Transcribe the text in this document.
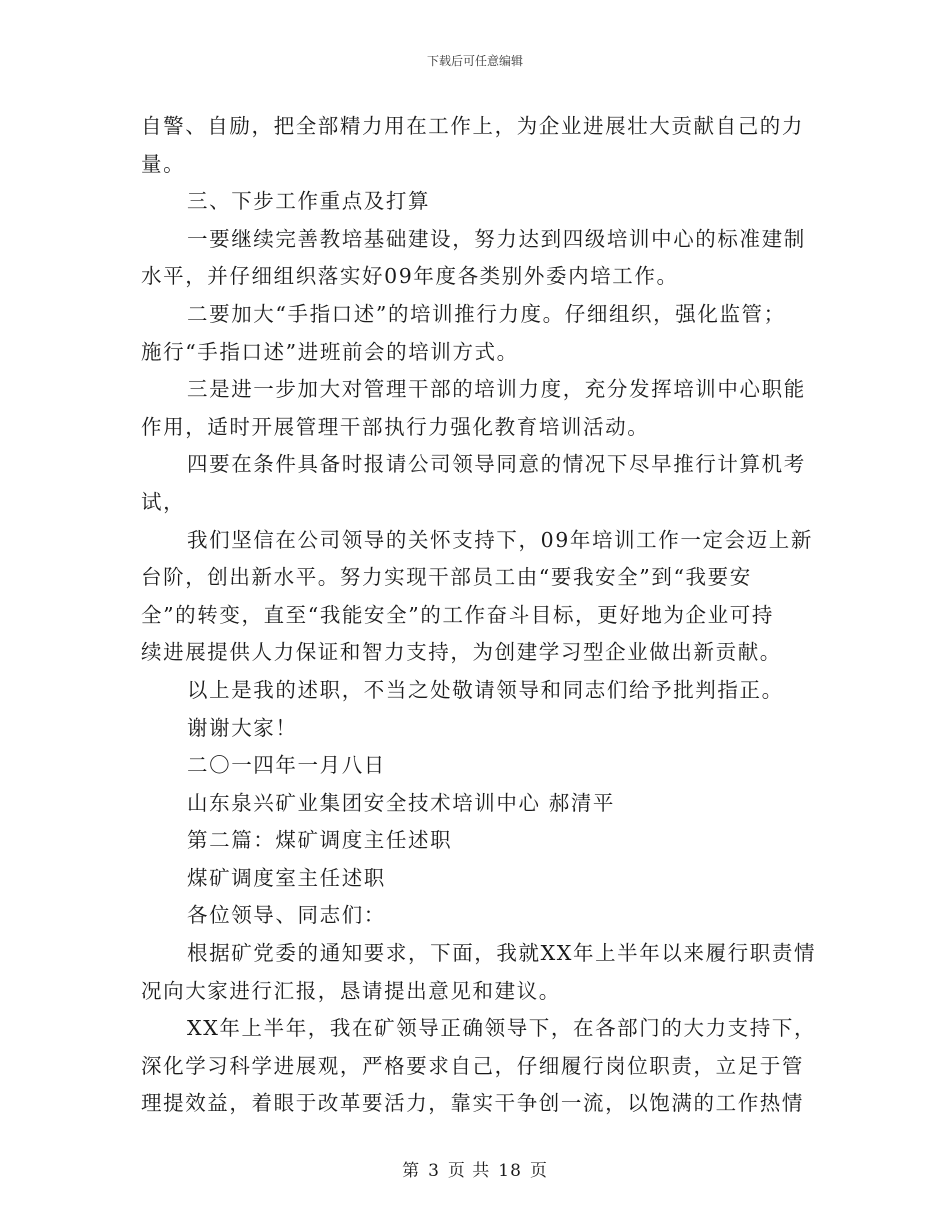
下载后可任意编辑

自警、自励，把全部精力用在工作上，为企业进展壮大贡献自己的力

量。

三、下步工作重点及打算

一要继续完善教培基础建设，努力达到四级培训中心的标准建制

水平，并仔细组织落实好09年度各类别外委内培工作。

二要加大“手指口述”的培训推行力度。仔细组织，强化监管；

施行“手指口述”进班前会的培训方式。

三是进一步加大对管理干部的培训力度，充分发挥培训中心职能

作用，适时开展管理干部执行力强化教育培训活动。

四要在条件具备时报请公司领导同意的情况下尽早推行计算机考

试，

我们坚信在公司领导的关怀支持下，09年培训工作一定会迈上新

台阶，创出新水平。努力实现干部员工由“要我安全”到“我要安

全”的转变，直至“我能安全”的工作奋斗目标，更好地为企业可持

续进展提供人力保证和智力支持，为创建学习型企业做出新贡献。

以上是我的述职，不当之处敬请领导和同志们给予批判指正。

谢谢大家！

二〇一四年一月八日

山东泉兴矿业集团安全技术培训中心 郝清平

第二篇：煤矿调度主任述职

煤矿调度室主任述职

各位领导、同志们：

根据矿党委的通知要求，下面，我就XX年上半年以来履行职责情

况向大家进行汇报，恳请提出意见和建议。

XX年上半年，我在矿领导正确领导下，在各部门的大力支持下，

深化学习科学进展观，严格要求自己，仔细履行岗位职责，立足于管

理提效益，着眼于改革要活力，靠实干争创一流，以饱满的工作热情

第 3 页 共 18 页
